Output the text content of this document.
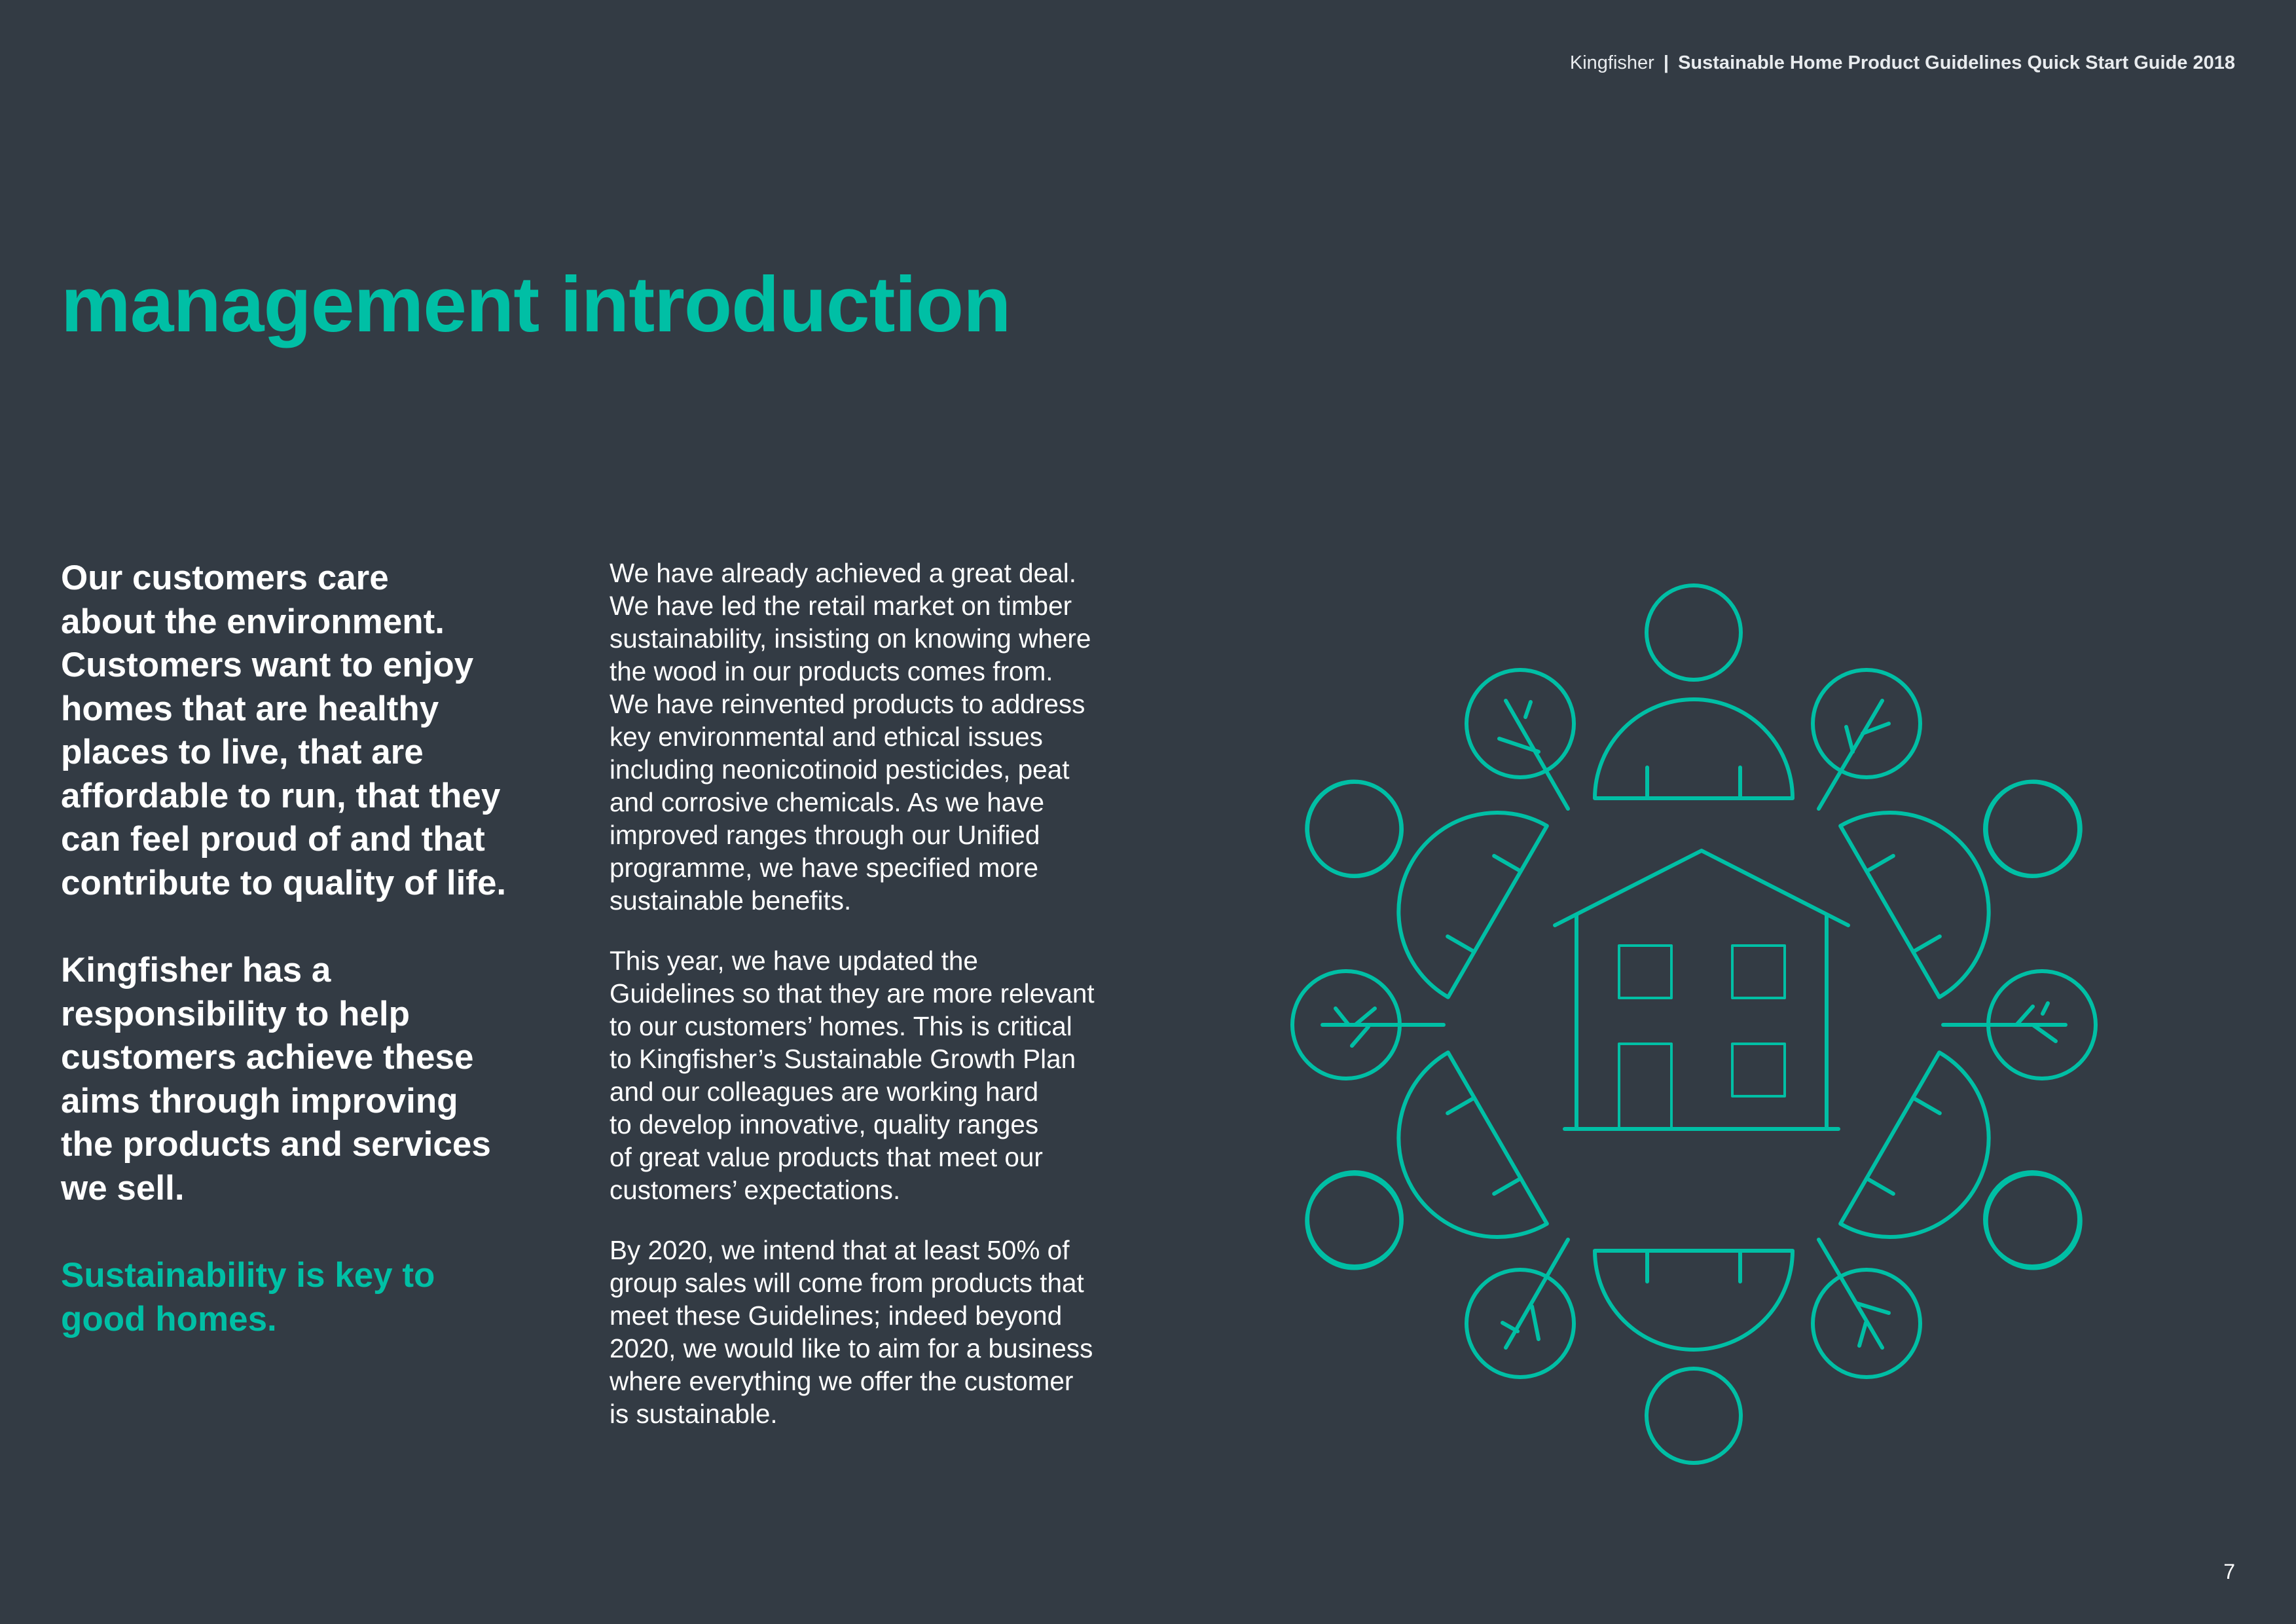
Kingfisher | Sustainable Home Product Guidelines Quick Start Guide 2018
management introduction

Our customers care
about the environment.
Customers want to enjoy
homes that are healthy
places to live, that are
affordable to run, that they
can feel proud of and that
contribute to quality of life.

Kingfisher has a
responsibility to help
customers achieve these
aims through improving
the products and services
we sell.

Sustainability is key to
good homes.

We have already achieved a great deal.
We have led the retail market on timber
sustainability, insisting on knowing where
the wood in our products comes from.
We have reinvented products to address
key environmental and ethical issues
including neonicotinoid pesticides, peat
and corrosive chemicals. As we have
improved ranges through our Unified
programme, we have specified more
sustainable benefits.

This year, we have updated the
Guidelines so that they are more relevant
to our customers’ homes. This is critical
to Kingfisher’s Sustainable Growth Plan
and our colleagues are working hard
to develop innovative, quality ranges
of great value products that meet our
customers’ expectations.

By 2020, we intend that at least 50% of
group sales will come from products that
meet these Guidelines; indeed beyond
2020, we would like to aim for a business
where everything we offer the customer
is sustainable.

7
